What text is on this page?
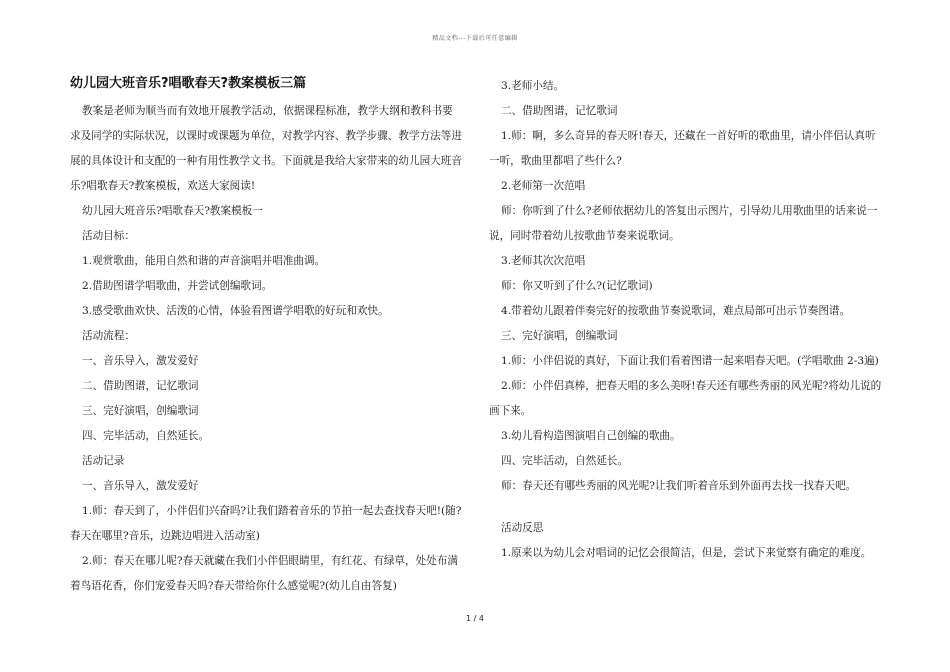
精品文档---下载后可任意编辑
幼儿园大班音乐?唱歌春天?教案模板三篇

教案是老师为顺当而有效地开展教学活动，依据课程标准，教学大纲和教科书要求及同学的实际状况，以课时或课题为单位，对教学内容、教学步骤、教学方法等进展的具体设计和支配的一种有用性教学文书。下面就是我给大家带来的幼儿园大班音乐?唱歌春天?教案模板，欢送大家阅读!

幼儿园大班音乐?唱歌春天?教案模板一

活动目标：

1.观赏歌曲，能用自然和谐的声音演唱并唱准曲调。

2.借助图谱学唱歌曲，并尝试创编歌词。

3.感受歌曲欢快、活泼的心情，体验看图谱学唱歌的好玩和欢快。

活动流程：

一、音乐导入，激发爱好

二、借助图谱，记忆歌词

三、完好演唱，创编歌词

四、完毕活动，自然延长。

活动记录

一、音乐导入，激发爱好

1.师：春天到了，小伴侣们兴奋吗?让我们踏着音乐的节拍一起去查找春天吧!(随?春天在哪里?音乐，边跳边唱进入活动室)

2.师：春天在哪儿呢?春天就藏在我们小伴侣眼睛里，有红花、有绿草，处处布满着鸟语花香，你们宠爱春天吗?春天带给你什么感觉呢?(幼儿自由答复)

3.老师小结。

二、借助图谱，记忆歌词

1.师：啊，多么奇异的春天呀!春天，还藏在一首好听的歌曲里，请小伴侣认真听一听，歌曲里都唱了些什么?

2.老师第一次范唱

师：你听到了什么?老师依据幼儿的答复出示图片，引导幼儿用歌曲里的话来说一说，同时带着幼儿按歌曲节奏来说歌词。

3.老师其次次范唱

师：你又听到了什么?(记忆歌词)

4.带着幼儿跟着伴奏完好的按歌曲节奏说歌词，难点局部可出示节奏图谱。

三、完好演唱，创编歌词

1.师：小伴侣说的真好，下面让我们看着图谱一起来唱春天吧。(学唱歌曲 2-3遍)

2.师：小伴侣真棒，把春天唱的多么美呀!春天还有哪些秀丽的风光呢?将幼儿说的画下来。

3.幼儿看构造图演唱自己创编的歌曲。

四、完毕活动，自然延长。

师：春天还有哪些秀丽的风光呢?让我们听着音乐到外面再去找一找春天吧。

活动反思

1.原来以为幼儿会对唱词的记忆会很简洁，但是，尝试下来觉察有确定的难度。

1 / 4
